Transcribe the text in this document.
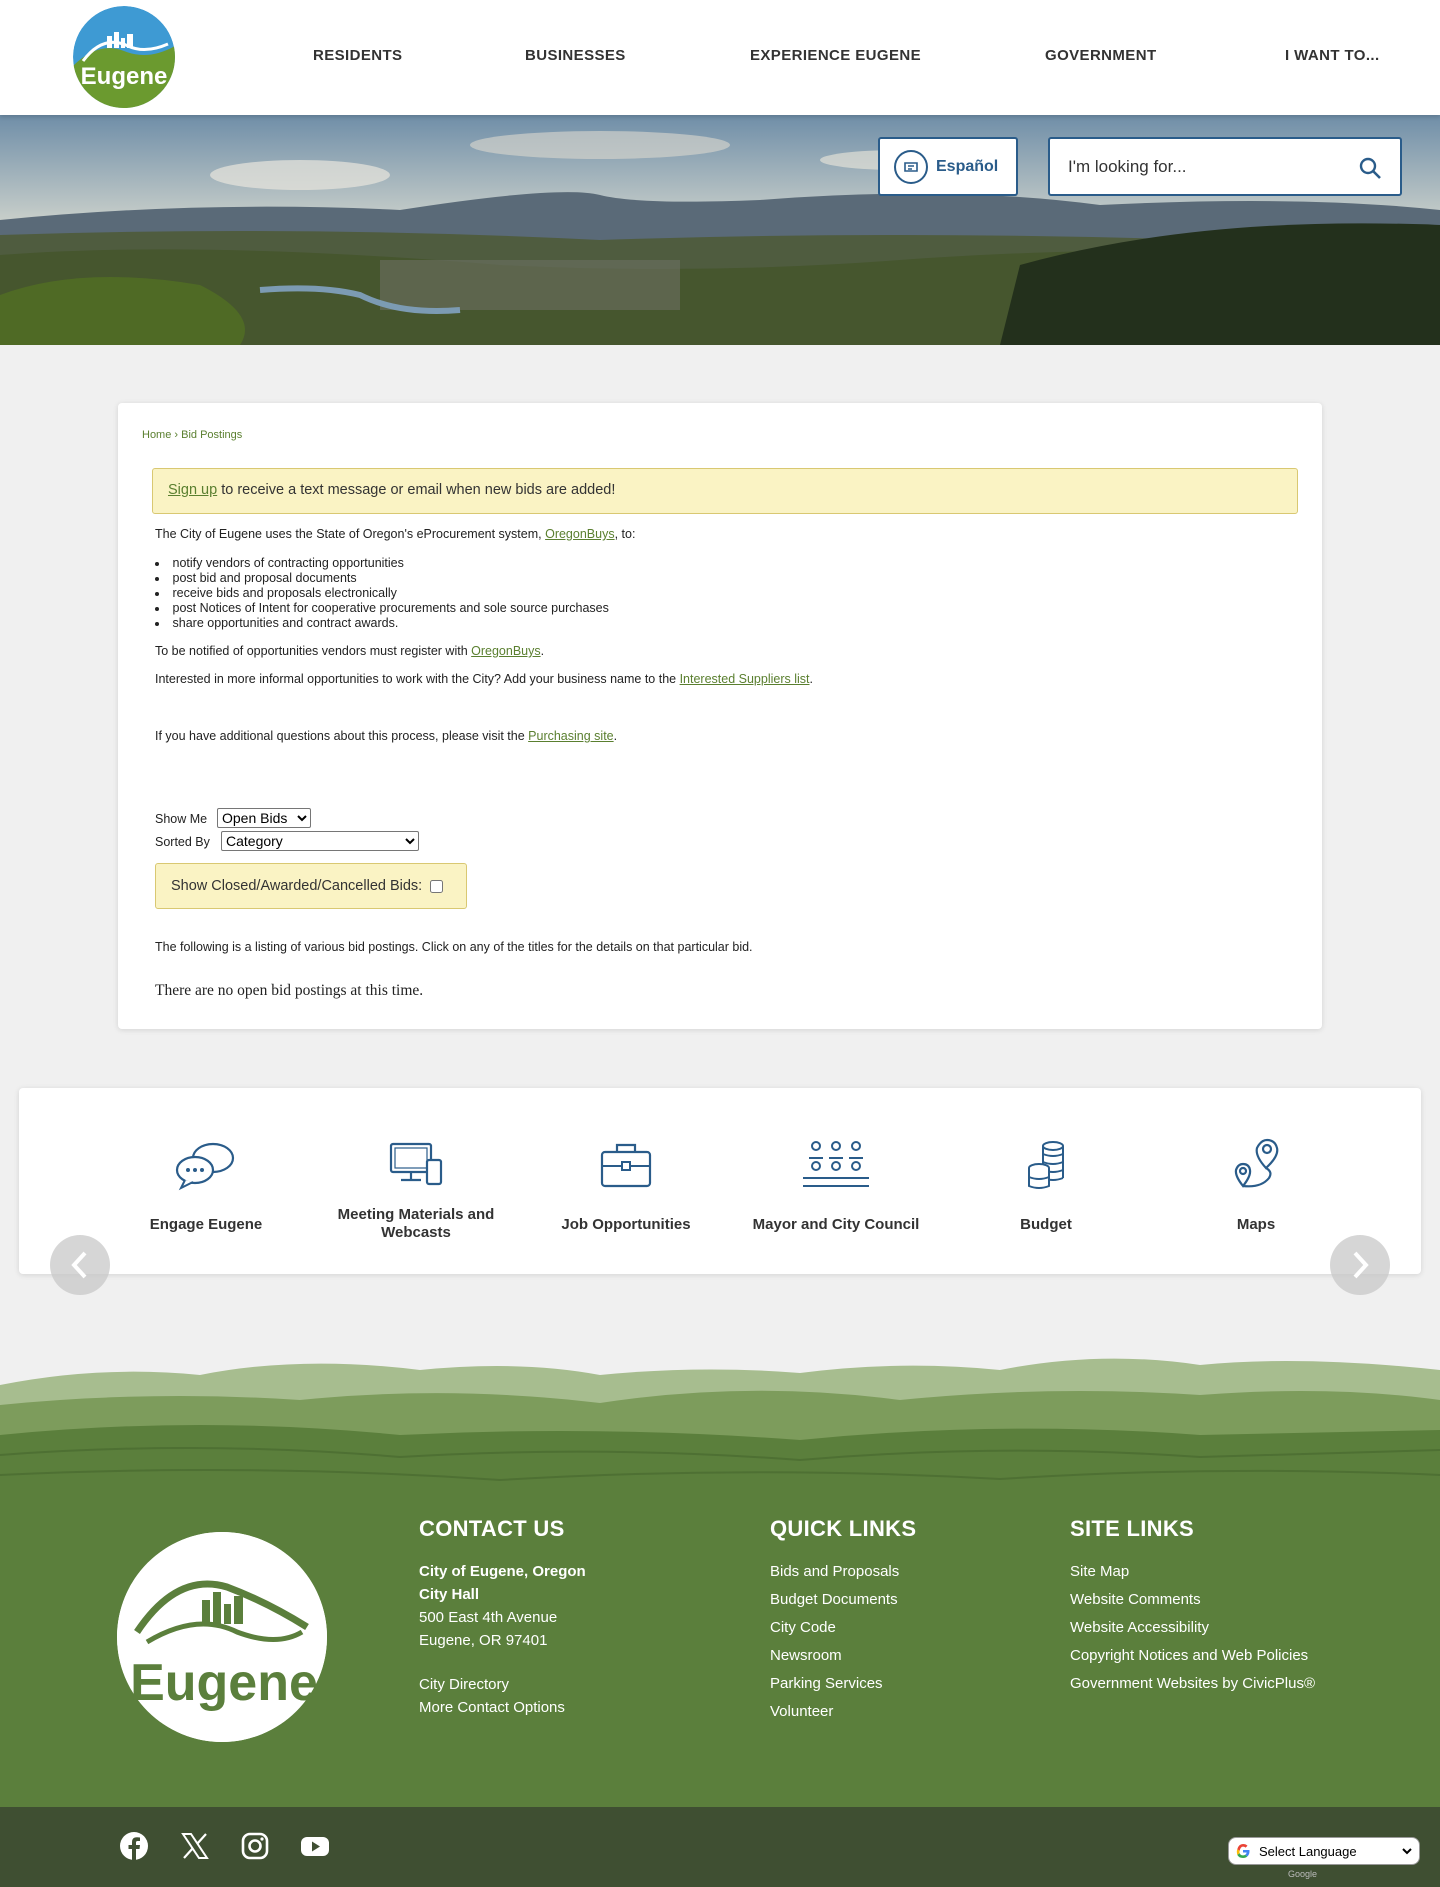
Eugene
RESIDENTS	BUSINESSES	EXPERIENCE EUGENE	GOVERNMENT	I WANT TO...
Español
I'm looking for...
Home › Bid Postings
Sign up to receive a text message or email when new bids are added!
The City of Eugene uses the State of Oregon's eProcurement system, OregonBuys, to:
• notify vendors of contracting opportunities
• post bid and proposal documents
• receive bids and proposals electronically
• post Notices of Intent for cooperative procurements and sole source purchases
• share opportunities and contract awards.
To be notified of opportunities vendors must register with OregonBuys.
Interested in more informal opportunities to work with the City? Add your business name to the Interested Suppliers list.
If you have additional questions about this process, please visit the Purchasing site.
Show Me
Open Bids
Sorted By
Category
Show Closed/Awarded/Cancelled Bids:
The following is a listing of various bid postings. Click on any of the titles for the details on that particular bid.
There are no open bid postings at this time.
Engage Eugene
Meeting Materials and Webcasts	Job Opportunities	Mayor and City Council	Budget	Maps
Eugene
CONTACT US
City of Eugene, Oregon
City Hall
500 East 4th Avenue
Eugene, OR 97401
City Directory
More Contact Options
QUICK LINKS
Bids and Proposals
Budget Documents
City Code
Newsroom
Parking Services
Volunteer
SITE LINKS
Site Map
Website Comments
Website Accessibility
Copyright Notices and Web Policies
Government Websites by CivicPlus®
Select Language
Google
